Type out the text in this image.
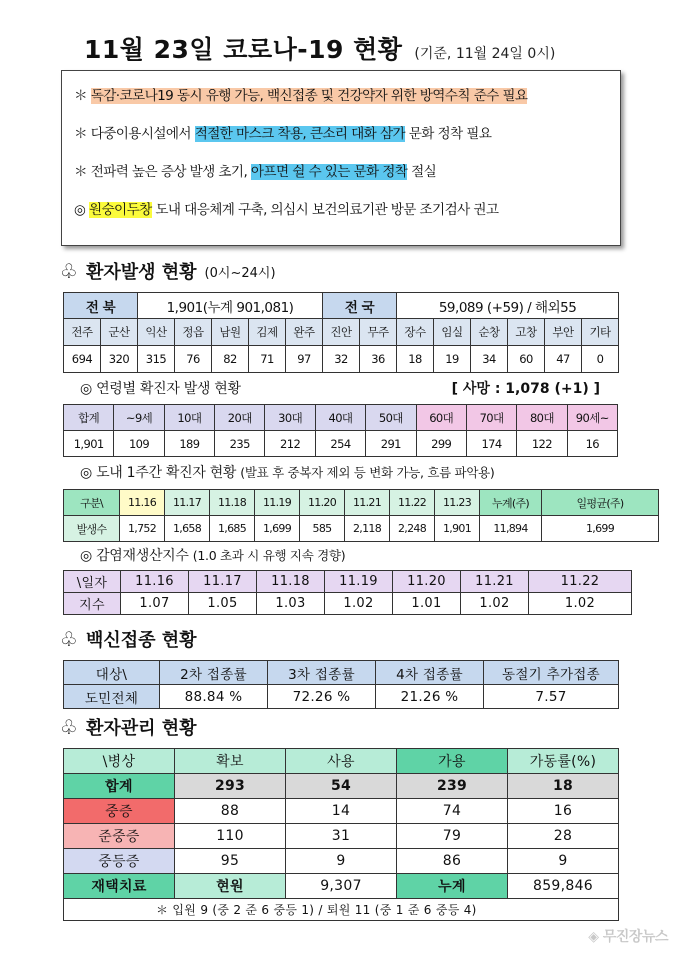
11월 23일 코로나-19 현황 (기준, 11월 24일 0시)
＊ 독감·코로나19 동시 유행 가능, 백신접종 및 건강약자 위한 방역수칙 준수 필요
＊ 다중이용시설에서 적절한 마스크 착용, 큰소리 대화 삼가 문화 정착 필요
＊ 전파력 높은 증상 발생 초기, 아프면 쉴 수 있는 문화 정착 절실
◎ 원숭이두창 도내 대응체계 구축, 의심시 보건의료기관 방문 조기검사 권고
♧ 환자발생 현황 (0시~24시)
전 북		1,901(누계 901,081)					전 국		59,089 (+59) / 해외55					
전주	군산	익산	정읍	남원	김제	완주	진안	무주	장수	임실	순창	고창	부안	기타
694	320	315	76	82	71	97	32	36	18	19	34	60	47	0
◎ 연령별 확진자 발생 현황	[ 사망 : 1,078 (+1) ]
합계	~9세	10대	20대	30대	40대	50대	60대	70대	80대	90세~
1,901	109	189	235	212	254	291	299	174	122	16
◎ 도내 1주간 확진자 현황 (발표 후 중복자 제외 등 변화 가능, 흐름 파악용)
구분\	11.16	11.17	11.18	11.19	11.20	11.21	11.22	11.23	누계(주)	일평균(주)
발생수	1,752	1,658	1,685	1,699	585	2,118	2,248	1,901	11,894	1,699
◎ 감염재생산지수 (1.0 초과 시 유행 지속 경향)
\일자	11.16	11.17	11.18	11.19	11.20	11.21	11.22
지수	1.07	1.05	1.03	1.02	1.01	1.02	1.02
♧ 백신접종 현황
대상\	2차 접종률	3차 접종률	4차 접종률	동절기 추가접종
도민전체	88.84 %	72.26 %	21.26 %	7.57
♧ 환자관리 현황
\병상	확보	사용	가용	가동률(%)
합계	293	54	239	18
중증	88	14	74	16
준중증	110	31	79	28
중등증	95	9	86	9
재택치료	현원	9,307	누계	859,846
＊ 입원 9 (중 2 준 6 중등 1) / 퇴원 11 (중 1 준 6 중등 4)				
◈ 무진장뉴스
